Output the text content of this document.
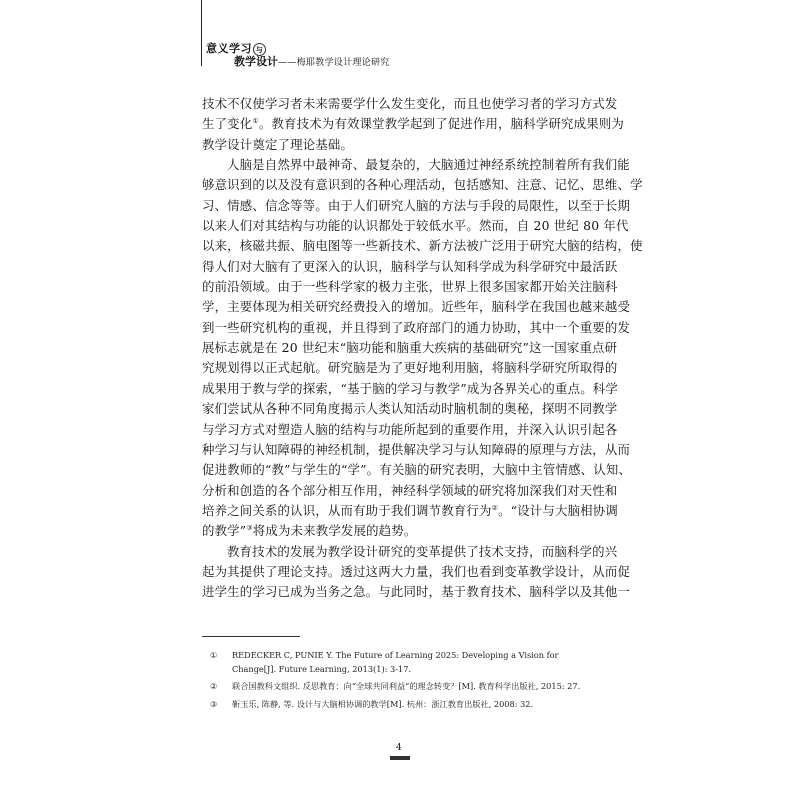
意义学习 与
教学设计——梅耶教学设计理论研究
技术不仅使学习者未来需要学什么发生变化，而且也使学习者的学习方式发
生了变化①。教育技术为有效课堂教学起到了促进作用，脑科学研究成果则为
教学设计奠定了理论基础。
人脑是自然界中最神奇、最复杂的，大脑通过神经系统控制着所有我们能
够意识到的以及没有意识到的各种心理活动，包括感知、注意、记忆、思维、学
习、情感、信念等等。由于人们研究人脑的方法与手段的局限性，以至于长期
以来人们对其结构与功能的认识都处于较低水平。然而，自 20 世纪 80 年代
以来，核磁共振、脑电图等一些新技术、新方法被广泛用于研究大脑的结构，使
得人们对大脑有了更深入的认识，脑科学与认知科学成为科学研究中最活跃
的前沿领域。由于一些科学家的极力主张，世界上很多国家都开始关注脑科
学，主要体现为相关研究经费投入的增加。近些年，脑科学在我国也越来越受
到一些研究机构的重视，并且得到了政府部门的通力协助，其中一个重要的发
展标志就是在 20 世纪末“脑功能和脑重大疾病的基础研究”这一国家重点研
究规划得以正式起航。研究脑是为了更好地利用脑，将脑科学研究所取得的
成果用于教与学的探索，“基于脑的学习与教学”成为各界关心的重点。科学
家们尝试从各种不同角度揭示人类认知活动时脑机制的奥秘，探明不同教学
与学习方式对塑造人脑的结构与功能所起到的重要作用，并深入认识引起各
种学习与认知障碍的神经机制，提供解决学习与认知障碍的原理与方法，从而
促进教师的“教”与学生的“学”。有关脑的研究表明，大脑中主管情感、认知、
分析和创造的各个部分相互作用，神经科学领域的研究将加深我们对天性和
培养之间关系的认识，从而有助于我们调节教育行为②。“设计与大脑相协调
的教学”③将成为未来教学发展的趋势。
教育技术的发展为教学设计研究的变革提供了技术支持，而脑科学的兴
起为其提供了理论支持。透过这两大力量，我们也看到变革教学设计，从而促
进学生的学习已成为当务之急。与此同时，基于教育技术、脑科学以及其他一

① REDECKER C, PUNIE Y. The Future of Learning 2025: Developing a Vision for Change[J]. Future Learning, 2013(1): 3-17.

② 联合国教科文组织. 反思教育：向“全球共同利益”的理念转变？[M]. 教育科学出版社, 2015: 27.

③ 靳玉乐, 陈静, 等. 设计与大脑相协调的教学[M]. 杭州：浙江教育出版社, 2008: 32.

4
